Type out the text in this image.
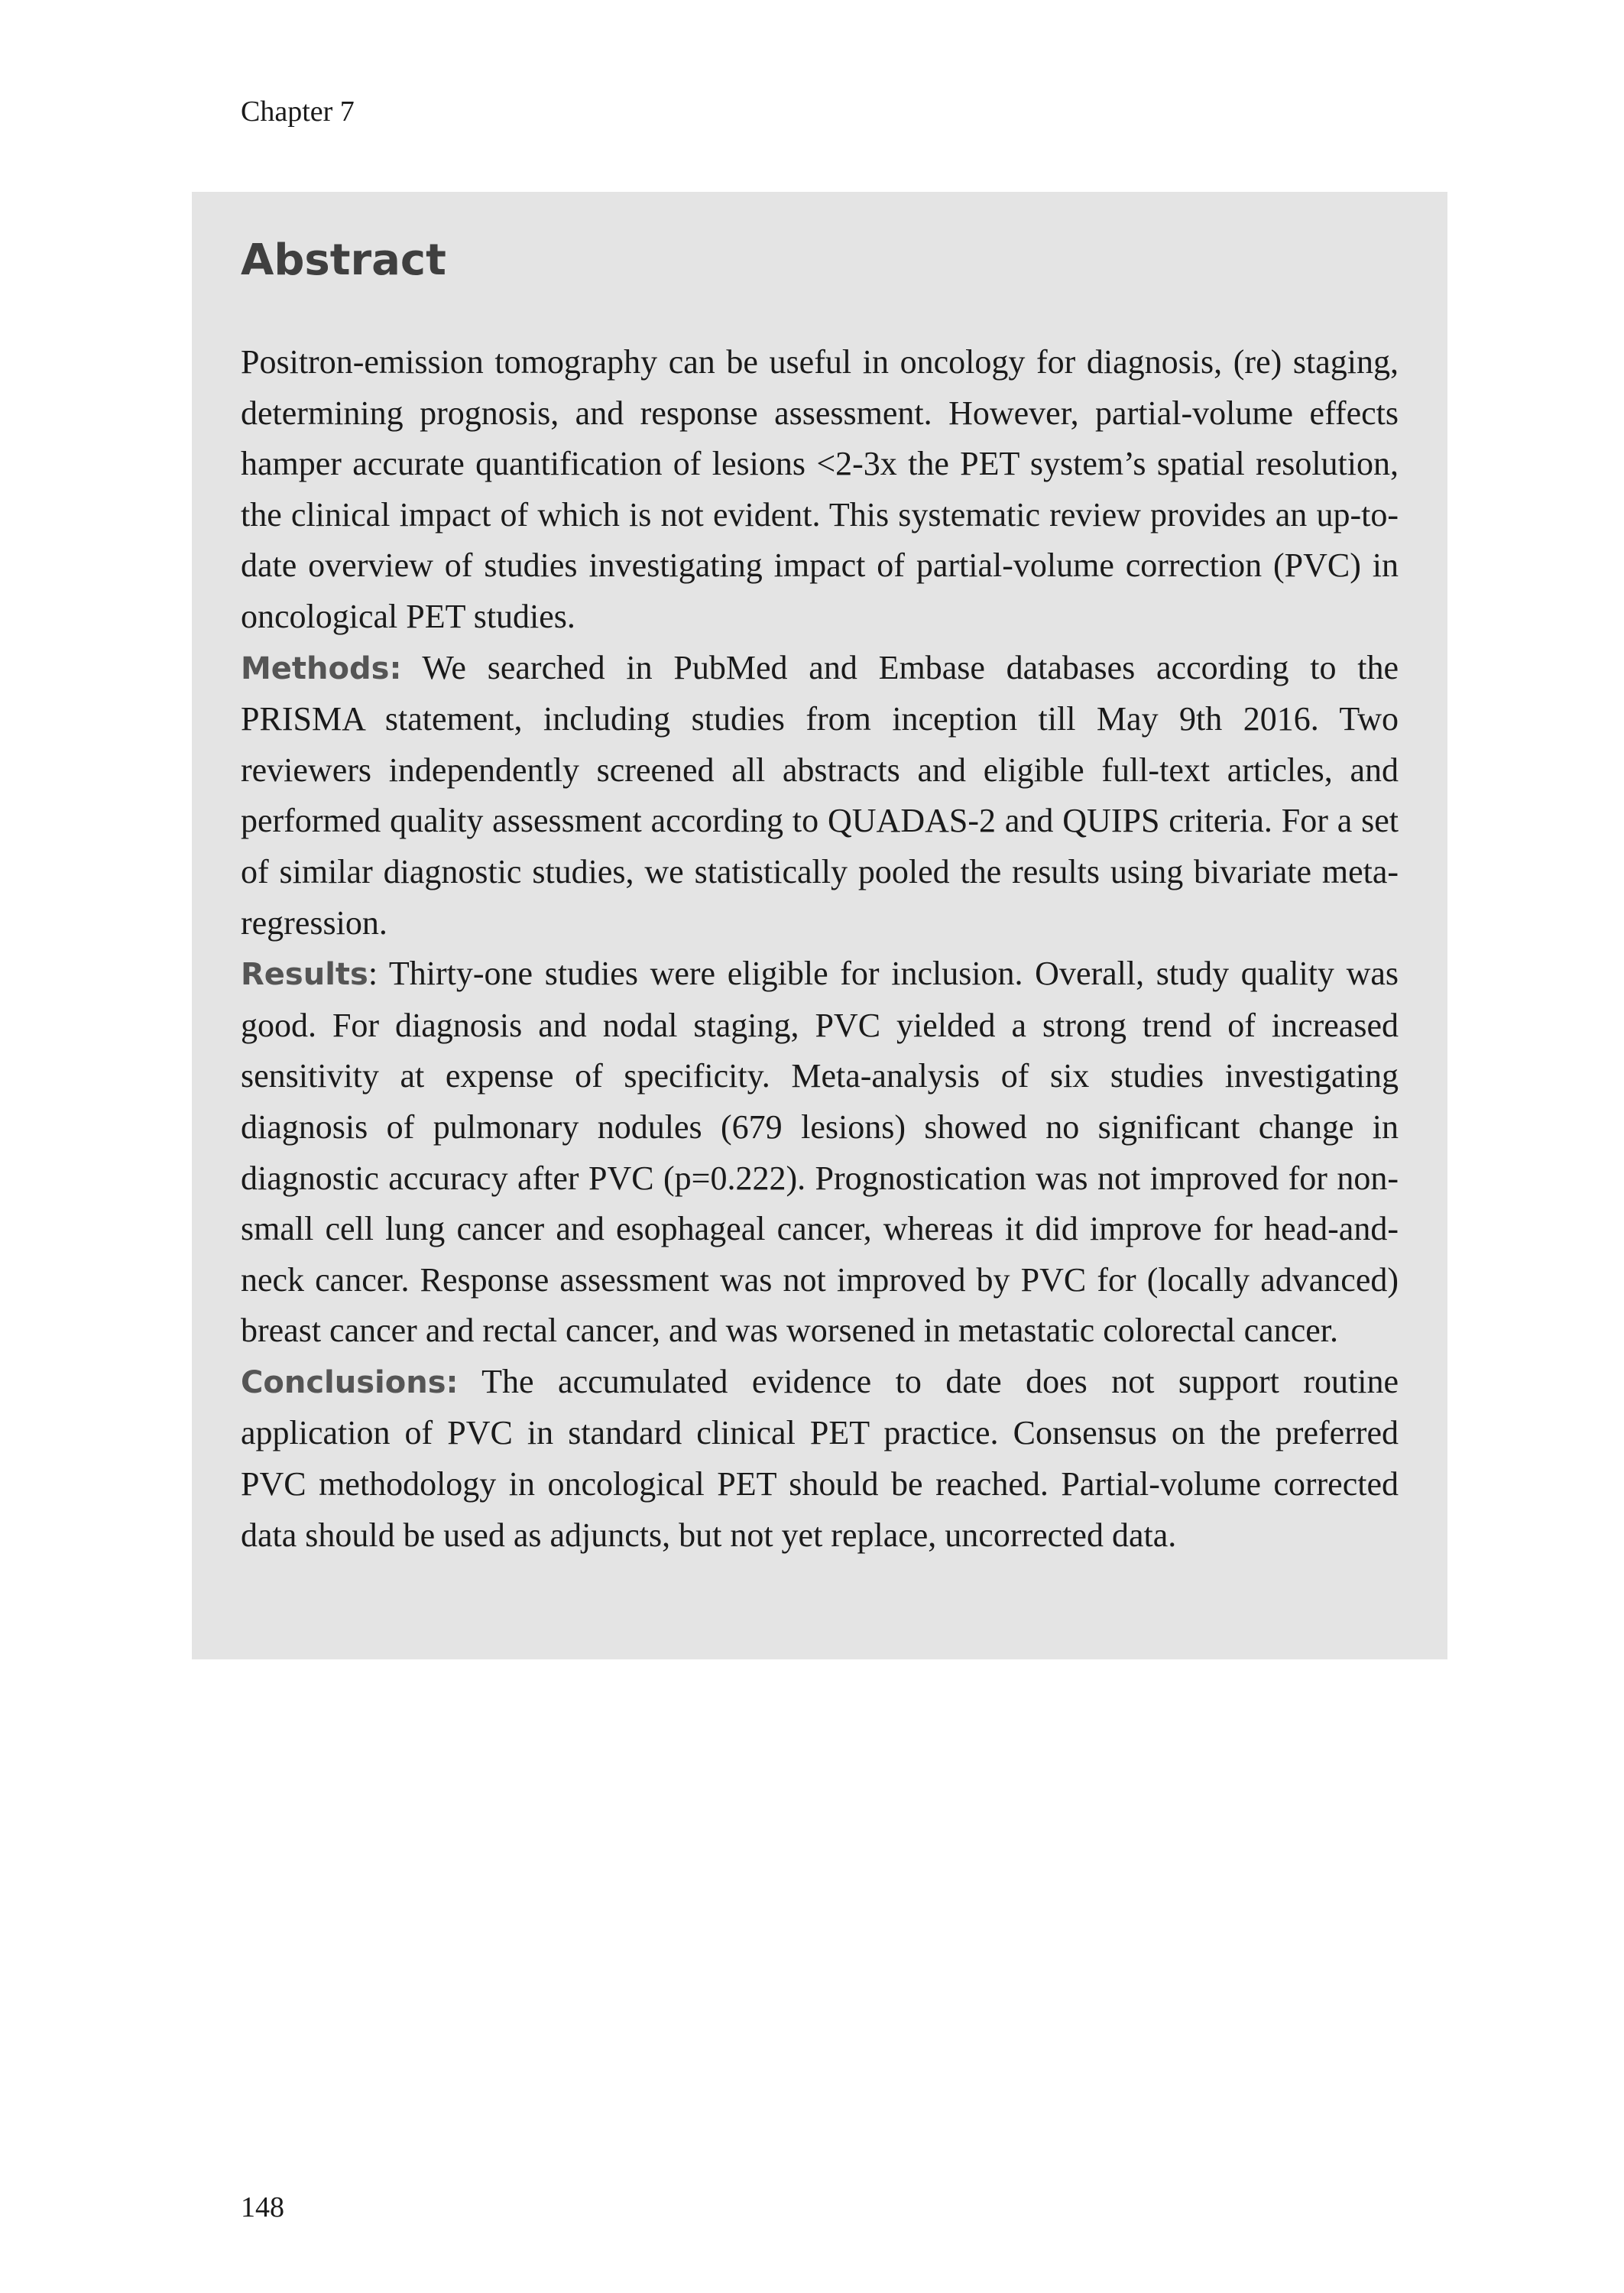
Chapter 7
Abstract

Positron-emission tomography can be useful in oncology for diagnosis, (re) staging, determining prognosis, and response assessment. However, partial-volume effects hamper accurate quantification of lesions <2-3x the PET system’s spatial resolution, the clinical impact of which is not evident. This systematic review provides an up-to-date overview of studies investigating impact of partial-volume correction (PVC) in oncological PET studies.

Methods: We searched in PubMed and Embase databases according to the PRISMA statement, including studies from inception till May 9th 2016. Two reviewers independently screened all abstracts and eligible full-text articles, and performed quality assessment according to QUADAS-2 and QUIPS criteria. For a set of similar diagnostic studies, we statistically pooled the results using bivariate meta-regression.

Results: Thirty-one studies were eligible for inclusion. Overall, study quality was good. For diagnosis and nodal staging, PVC yielded a strong trend of increased sensitivity at expense of specificity. Meta-analysis of six studies investigating diagnosis of pulmonary nodules (679 lesions) showed no significant change in diagnostic accuracy after PVC (p=0.222). Prognostication was not improved for non-small cell lung cancer and esophageal cancer, whereas it did improve for head-and-neck cancer. Response assessment was not improved by PVC for (locally advanced) breast cancer and rectal cancer, and was worsened in metastatic colorectal cancer.

Conclusions: The accumulated evidence to date does not support routine application of PVC in standard clinical PET practice. Consensus on the preferred PVC methodology in oncological PET should be reached. Partial-volume corrected data should be used as adjuncts, but not yet replace, uncorrected data.

148
